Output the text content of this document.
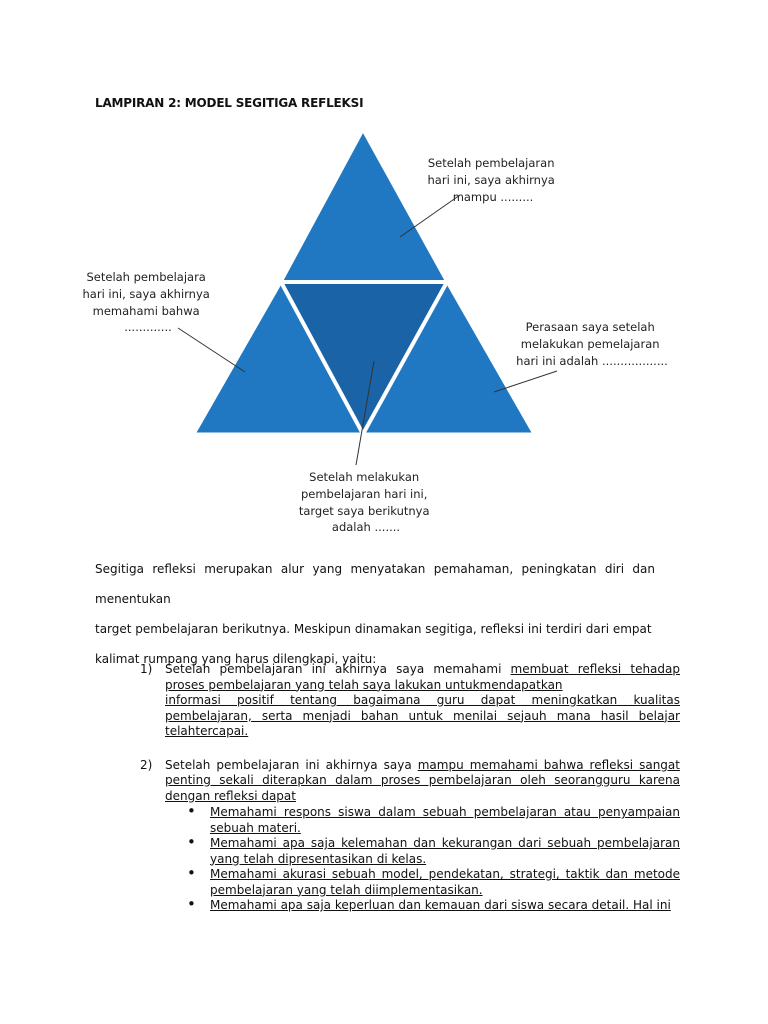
LAMPIRAN 2: MODEL SEGITIGA REFLEKSI
Setelah pembelajaran hari ini, saya akhirnya mampu .........
Setelah pembelajara hari ini, saya akhirnya memahami bahwa .............	Perasaan saya setelah melakukan pemelajaran hari ini adalah ..................
Setelah melakukan pembelajaran hari ini, target saya berikutnya adalah .......

Segitiga refleksi merupakan alur yang menyatakan pemahaman, peningkatan diri dan menentukan

target pembelajaran berikutnya. Meskipun dinamakan segitiga, refleksi ini terdiri dari empat

kalimat rumpang yang harus dilengkapi, yaitu:

1) Setelah pembelajaran ini akhirnya saya memahami membuat refleksi tehadap proses pembelajaran yang telah saya lakukan untukmendapatkan
informasi positif tentang bagaimana guru dapat meningkatkan kualitas pembelajaran, serta menjadi bahan untuk menilai sejauh mana hasil belajar telahtercapai.
2) Setelah pembelajaran ini akhirnya saya mampu memahami bahwa refleksi sangat penting sekali diterapkan dalam proses pembelajaran oleh seorangguru karena dengan refleksi dapat
• Memahami respons siswa dalam sebuah pembelajaran atau penyampaian sebuah materi.
• Memahami apa saja kelemahan dan kekurangan dari sebuah pembelajaran yang telah dipresentasikan di kelas.
• Memahami akurasi sebuah model, pendekatan, strategi, taktik dan metode pembelajaran yang telah diimplementasikan.
• Memahami apa saja keperluan dan kemauan dari siswa secara detail. Hal ini
